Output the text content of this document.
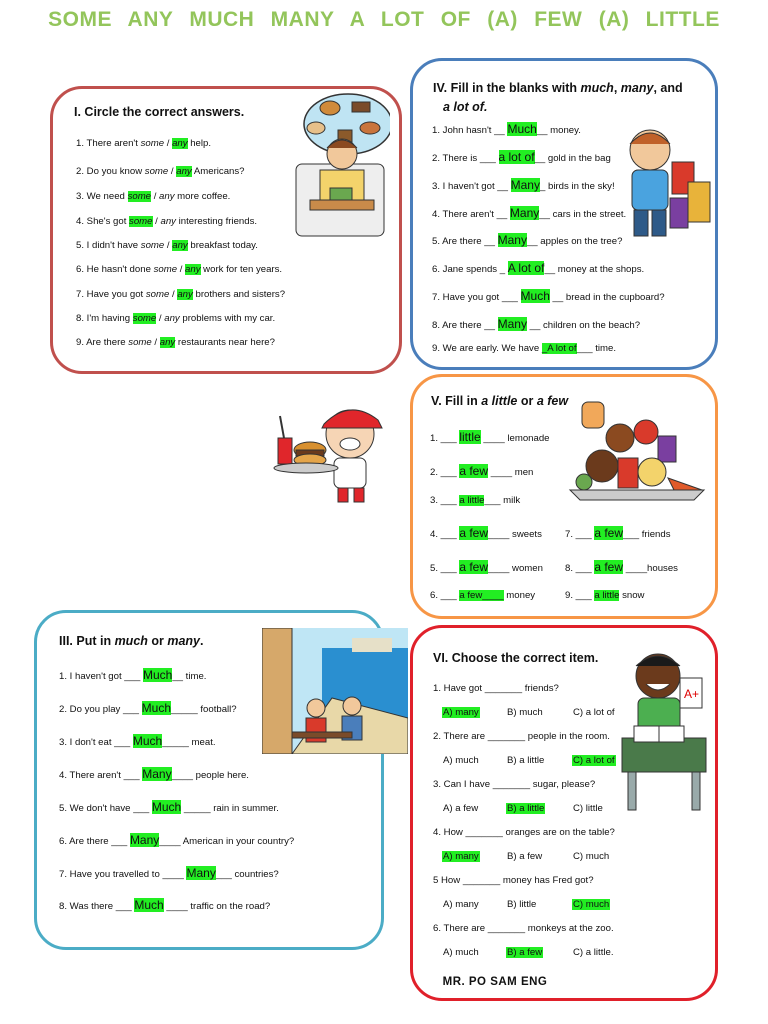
SOME ANY MUCH MANY A LOT OF (A) FEW (A) LITTLE
I. Circle the correct answers.
1. There aren't some / any help.
2. Do you know some / any Americans?
3. We need some / any more coffee.
4. She's got some / any interesting friends.
5. I didn't have some / any breakfast today.
6. He hasn't done some / any work for ten years.
7. Have you got some / any brothers and sisters?
8. I'm having some / any problems with my car.
9. Are there some / any restaurants near here?
IV. Fill in the blanks with much, many, and
a lot of.
1. John hasn't __ Much__ money.
2. There is ___ a lot of__ gold in the bag
3. I haven't got __ Many_ birds in the sky!
4. There aren't __ Many__ cars in the street.
5. Are there __ Many__ apples on the tree?
6. Jane spends _ A lot of__ money at the shops.
7. Have you got ___ Much __ bread in the cupboard?
8. Are there __ Many __ children on the beach?
9. We are early. We have _A lot of___ time.
V. Fill in a little or a few
1. ___ little ____ lemonade
2. ___ a few ____ men
3. ___ a little___ milk
4. ___ a few____ sweets
5. ___ a few____ women
6. ___ a few____ money
7. ___ a few___ friends
8. ___ a few ____houses
9. ___ a little snow
III. Put in much or many.
1. I haven't got ___ Much__ time.
2. Do you play ___ Much_____ football?
3. I don't eat ___ Much_____ meat.
4. There aren't ___ Many____ people here.
5. We don't have ___ Much _____ rain in summer.
6. Are there ___ Many____ American in your country?
7. Have you travelled to ____ Many___ countries?
8. Was there ___ Much ____ traffic on the road?
VI. Choose the correct item.
1. Have got _______ friends?
A) many	B) much	C) a lot of
2. There are _______ people in the room.
A) much	B) a little	C) a lot of
3. Can I have _______ sugar, please?
A) a few	B) a little	C) little
4. How _______ oranges are on the table?
A) many	B) a few	C) much
5 How _______ money has Fred got?
A) many	B) little	C) much
6. There are _______ monkeys at the zoo.
A) much	B) a few	C) a little.
A+
MR. PO SAM ENG
